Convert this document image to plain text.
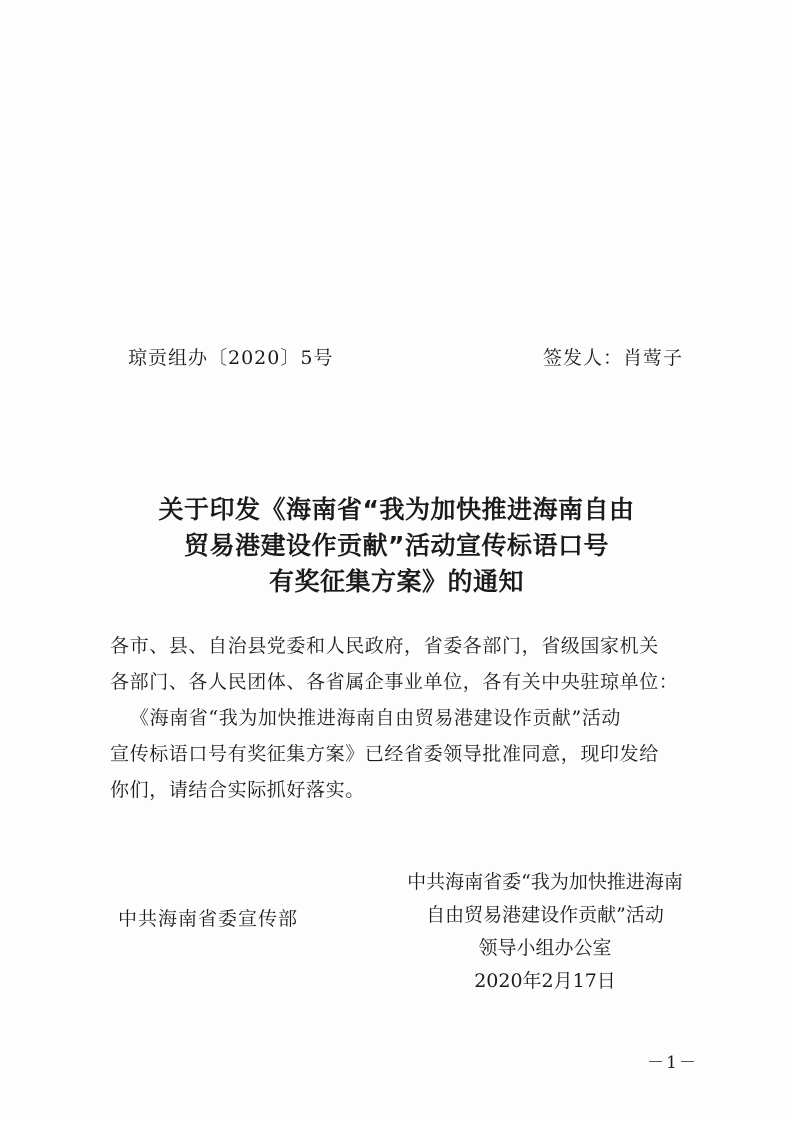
琼贡组办〔2020〕5号	签发人：肖莺子
关于印发《海南省“我为加快推进海南自由
贸易港建设作贡献”活动宣传标语口号
有奖征集方案》的通知
各市、县、自治县党委和人民政府，省委各部门，省级国家机关
各部门、各人民团体、各省属企事业单位，各有关中央驻琼单位：
《海南省“我为加快推进海南自由贸易港建设作贡献”活动
宣传标语口号有奖征集方案》已经省委领导批准同意，现印发给
你们，请结合实际抓好落实。
中共海南省委宣传部
中共海南省委“我为加快推进海南
自由贸易港建设作贡献”活动
领导小组办公室
2020年2月17日
－1－
